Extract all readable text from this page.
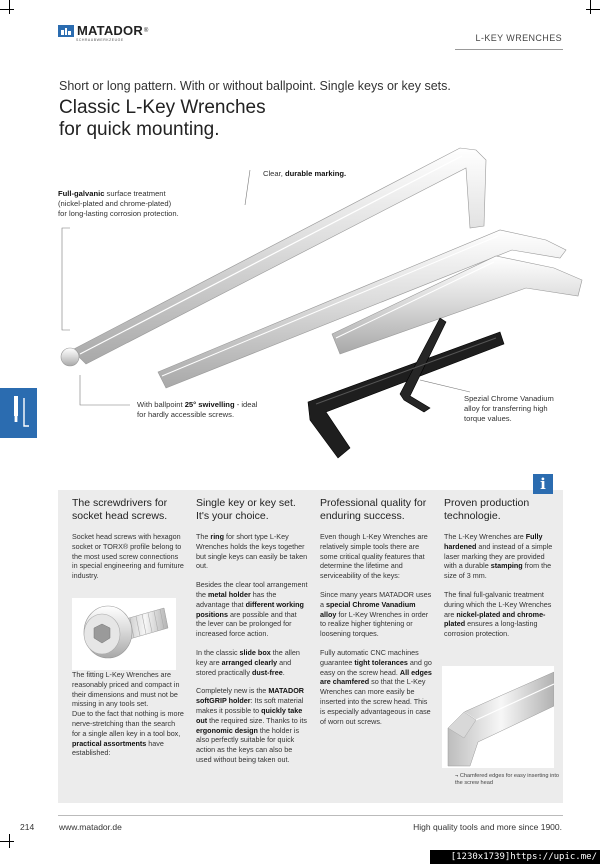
MATADOR ®
SCHRAUBWERKZEUGE	L-KEY WRENCHES
Short or long pattern. With or without ballpoint. Single keys or key sets.
Classic L-Key Wrenches
for quick mounting.
Full-galvanic surface treatment (nickel-plated and chrome-plated) for long-lasting corrosion protection.
Clear, durable marking.
With ballpoint 25° swivelling - ideal for hardly accessible screws.
Spezial Chrome Vanadium alloy for transferring high torque values.
i
The screwdrivers for socket head screws.

Socket head screws with hexagon socket or TORX® profile belong to the most used screw connections in special engineering and furniture industry.

The fitting L-Key Wrenches are reasonably priced and compact in their dimensions and must not be missing in any tools set.

Due to the fact that nothing is more nerve-stretching than the search for a single allen key in a tool box, practical assortments have established:

Single key or key set. It's your choice.

The ring for short type L-Key Wrenches holds the keys together but single keys can easily be taken out.

Besides the clear tool arrangement the metal holder has the advantage that different working positions are possible and that the lever can be prolonged for increased force action.

In the classic slide box the allen key are arranged clearly and stored practically dust-free.

Completely new is the MATADOR softGRIP holder: Its soft material makes it possible to quickly take out the required size. Thanks to its ergonomic design the holder is also perfectly suitable for quick action as the keys can also be used without being taken out.

Professional quality for enduring success.

Even though L-Key Wrenches are relatively simple tools there are some critical quality features that determine the lifetime and serviceability of the keys:

Since many years MATADOR uses a special Chrome Vanadium alloy for L-Key Wrenches in order to realize higher tightening or loosening torques.

Fully automatic CNC machines guarantee tight tolerances and go easy on the screw head. All edges are chamfered so that the L-Key Wrenches can more easily be inserted into the screw head. This is especially advantageous in case of worn out screws.

Proven production technologie.

The L-Key Wrenches are Fully hardened and instead of a simple laser marking they are provided with a durable stamping from the size of 3 mm.

The final full-galvanic treatment during which the L-Key Wrenches are nickel-plated and chrome-plated ensures a long-lasting corrosion protection.

¬ Chamfered edges for easy inserting into the screw head
214	www.matador.de	High quality tools and more since 1900.
[1230x1739]https://upic.me/
